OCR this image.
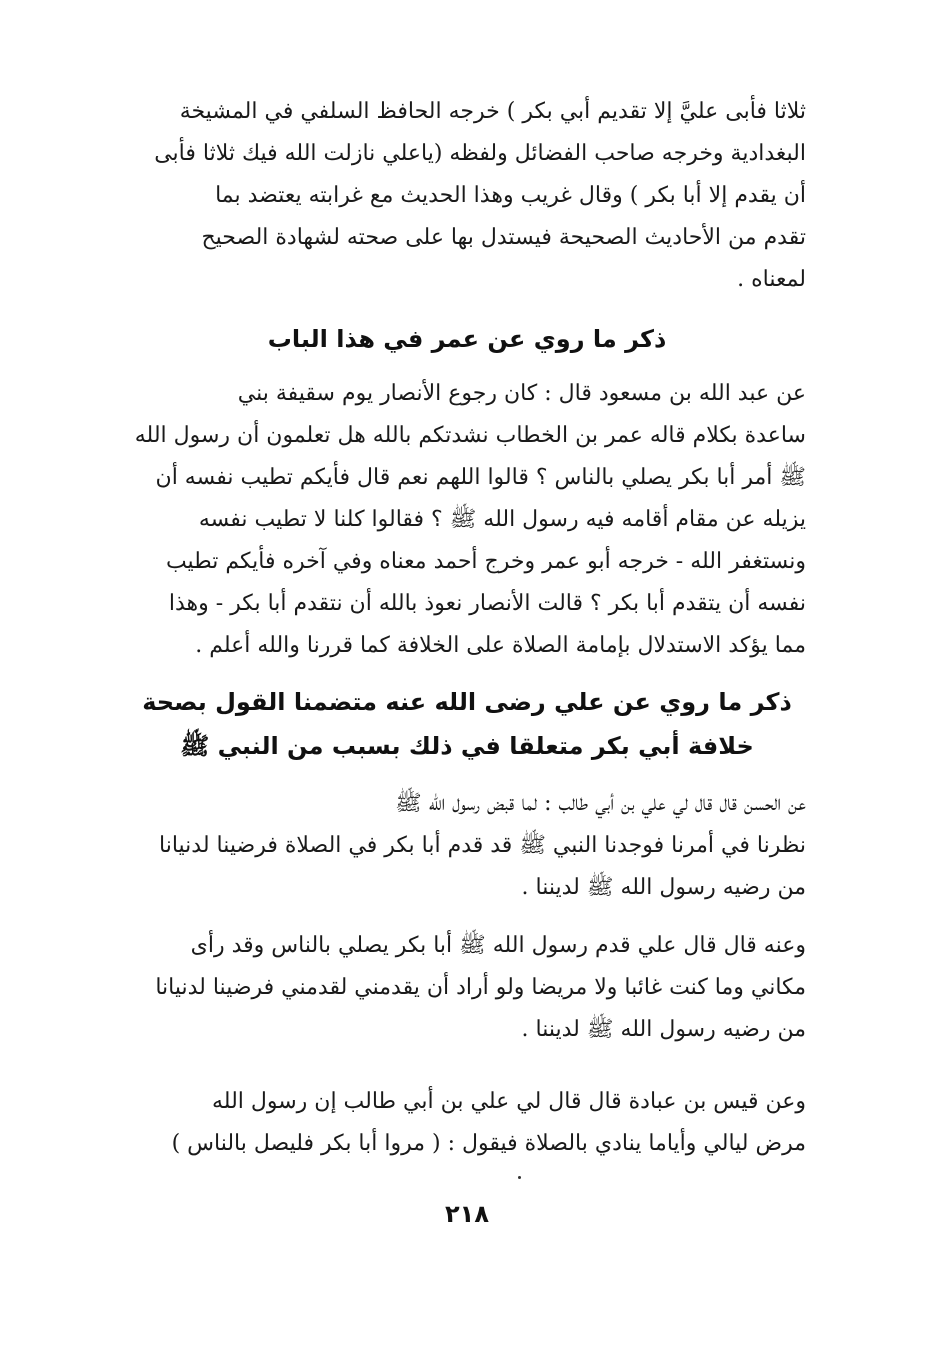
ثلاثا فأبى عليَّ إلا تقديم أبي بكر ) خرجه الحافظ السلفي في المشيخة
البغدادية وخرجه صاحب الفضائل ولفظه (ياعلي نازلت الله فيك ثلاثا فأبى
أن يقدم إلا أبا بكر ) وقال غريب وهذا الحديث مع غرابته يعتضد بما
تقدم من الأحاديث الصحيحة فيستدل بها على صحته لشهادة الصحيح
لمعناه .
ذكر ما روي عن عمر في هذا الباب
عن عبد الله بن مسعود قال : كان رجوع الأنصار يوم سقيفة بني
ساعدة بكلام قاله عمر بن الخطاب نشدتكم بالله هل تعلمون أن رسول الله
ﷺ أمر أبا بكر يصلي بالناس ؟ قالوا اللهم نعم قال فأيكم تطيب نفسه أن
يزيله عن مقام أقامه فيه رسول الله ﷺ ؟ فقالوا كلنا لا تطيب نفسه
ونستغفر الله - خرجه أبو عمر وخرج أحمد معناه وفي آخره فأيكم تطيب
نفسه أن يتقدم أبا بكر ؟ قالت الأنصار نعوذ بالله أن نتقدم أبا بكر - وهذا
مما يؤكد الاستدلال بإمامة الصلاة على الخلافة كما قررنا والله أعلم .
ذكر ما روي عن علي رضى الله عنه متضمنا القول بصحة
خلافة أبي بكر متعلقا في ذلك بسبب من النبي ﷺ
عن الحسن قال قال لي علي بن أبي طالب : لما قبض رسول الله ﷺ
نظرنا في أمرنا فوجدنا النبي ﷺ قد قدم أبا بكر في الصلاة فرضينا لدنيانا
من رضيه رسول الله ﷺ لديننا .
وعنه قال قال علي قدم رسول الله ﷺ أبا بكر يصلي بالناس وقد رأى
مكاني وما كنت غائبا ولا مريضا ولو أراد أن يقدمني لقدمني فرضينا لدنيانا
من رضيه رسول الله ﷺ لديننا .
وعن قيس بن عبادة قال قال لي علي بن أبي طالب إن رسول الله
مرض ليالي وأياما ينادي بالصلاة فيقول : ( مروا أبا بكر فليصل بالناس )
٢١٨
